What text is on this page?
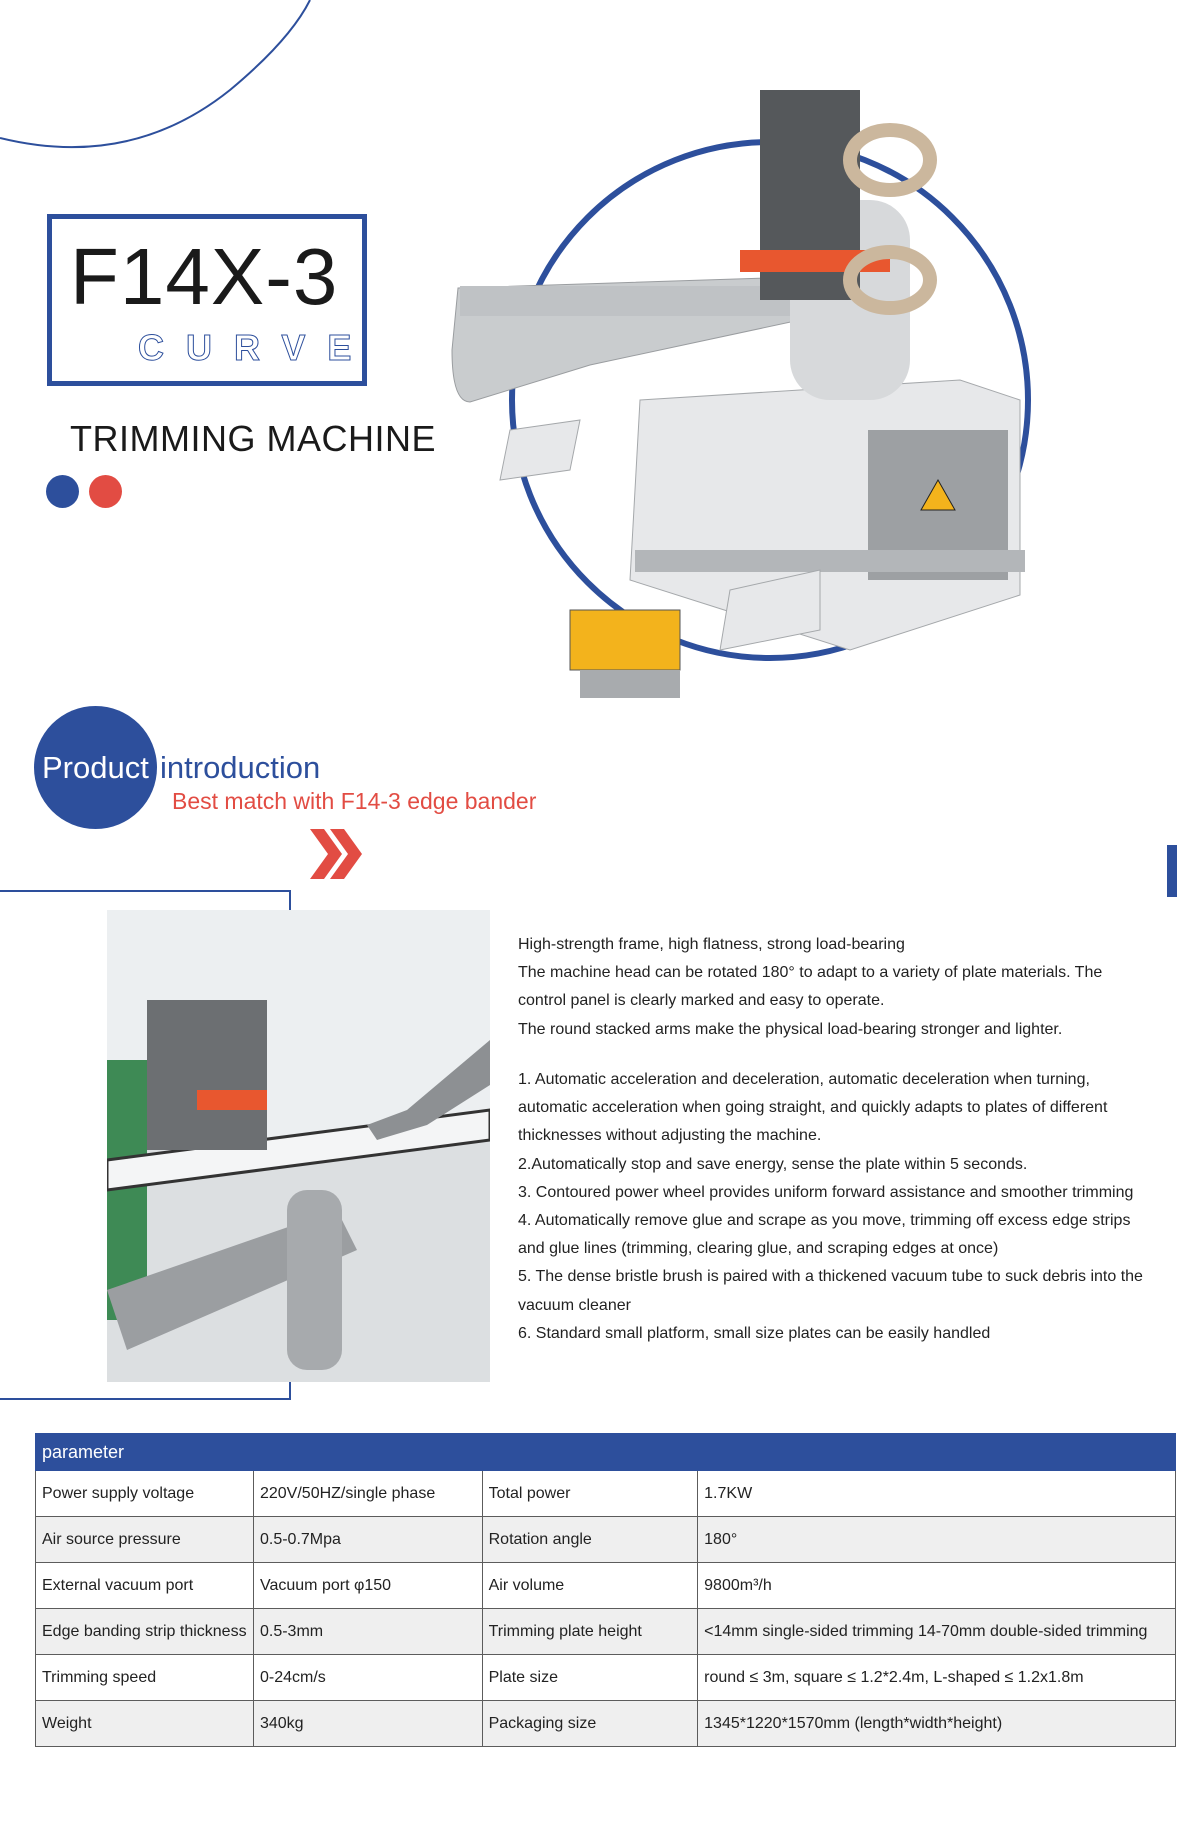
F14X-3
CURVE
TRIMMING MACHINE
Product introduction
Best match with F14-3 edge bander
High-strength frame, high flatness, strong load-bearing
The machine head can be rotated 180° to adapt to a variety of plate materials. The
control panel is clearly marked and easy to operate.
The round stacked arms make the physical load-bearing stronger and lighter.
1. Automatic acceleration and deceleration, automatic deceleration when turning,
automatic acceleration when going straight, and quickly adapts to plates of different
thicknesses without adjusting the machine.
2.Automatically stop and save energy, sense the plate within 5 seconds.
3. Contoured power wheel provides uniform forward assistance and smoother trimming
4. Automatically remove glue and scrape as you move, trimming off excess edge strips
and glue lines (trimming, clearing glue, and scraping edges at once)
5. The dense bristle brush is paired with a thickened vacuum tube to suck debris into the
vacuum cleaner
6. Standard small platform, small size plates can be easily handled
parameter			
Power supply voltage	220V/50HZ/single phase	Total power	1.7KW
Air source pressure	0.5-0.7Mpa	Rotation angle	180°
External vacuum port	Vacuum port φ150	Air volume	9800m³/h
Edge banding strip thickness	0.5-3mm	Trimming plate height	<14mm single-sided trimming 14-70mm double-sided trimming
Trimming speed	0-24cm/s	Plate size	round ≤ 3m, square ≤ 1.2*2.4m, L-shaped ≤ 1.2x1.8m
Weight	340kg	Packaging size	1345*1220*1570mm (length*width*height)
